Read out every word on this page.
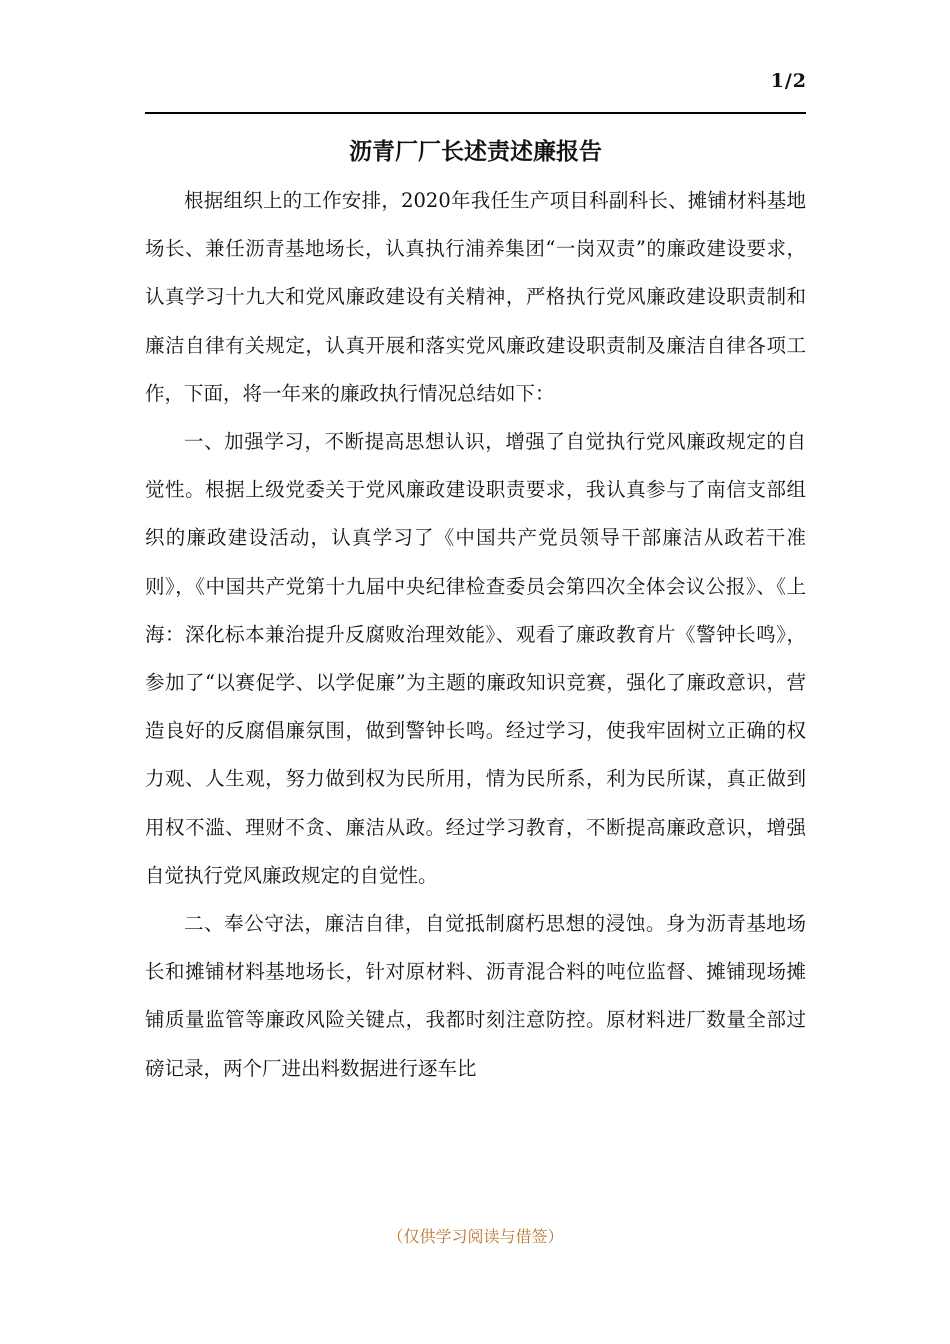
1/2
沥青厂厂长述责述廉报告

根据组织上的工作安排，2020年我任生产项目科副科长、摊铺材料基地场长、兼任沥青基地场长，认真执行浦养集团“一岗双责”的廉政建设要求，认真学习十九大和党风廉政建设有关精神，严格执行党风廉政建设职责制和廉洁自律有关规定，认真开展和落实党风廉政建设职责制及廉洁自律各项工作，下面，将一年来的廉政执行情况总结如下：

一、加强学习，不断提高思想认识，增强了自觉执行党风廉政规定的自觉性。根据上级党委关于党风廉政建设职责要求，我认真参与了南信支部组织的廉政建设活动，认真学习了《中国共产党员领导干部廉洁从政若干准则》，《中国共产党第十九届中央纪律检查委员会第四次全体会议公报》、《上海：深化标本兼治提升反腐败治理效能》、观看了廉政教育片《警钟长鸣》，参加了“以赛促学、以学促廉”为主题的廉政知识竞赛，强化了廉政意识，营造良好的反腐倡廉氛围，做到警钟长鸣。经过学习，使我牢固树立正确的权力观、人生观，努力做到权为民所用，情为民所系，利为民所谋，真正做到用权不滥、理财不贪、廉洁从政。经过学习教育，不断提高廉政意识，增强自觉执行党风廉政规定的自觉性。

二、奉公守法，廉洁自律，自觉抵制腐朽思想的浸蚀。身为沥青基地场长和摊铺材料基地场长，针对原材料、沥青混合料的吨位监督、摊铺现场摊铺质量监管等廉政风险关键点，我都时刻注意防控。原材料进厂数量全部过磅记录，两个厂进出料数据进行逐车比

（仅供学习阅读与借签）
